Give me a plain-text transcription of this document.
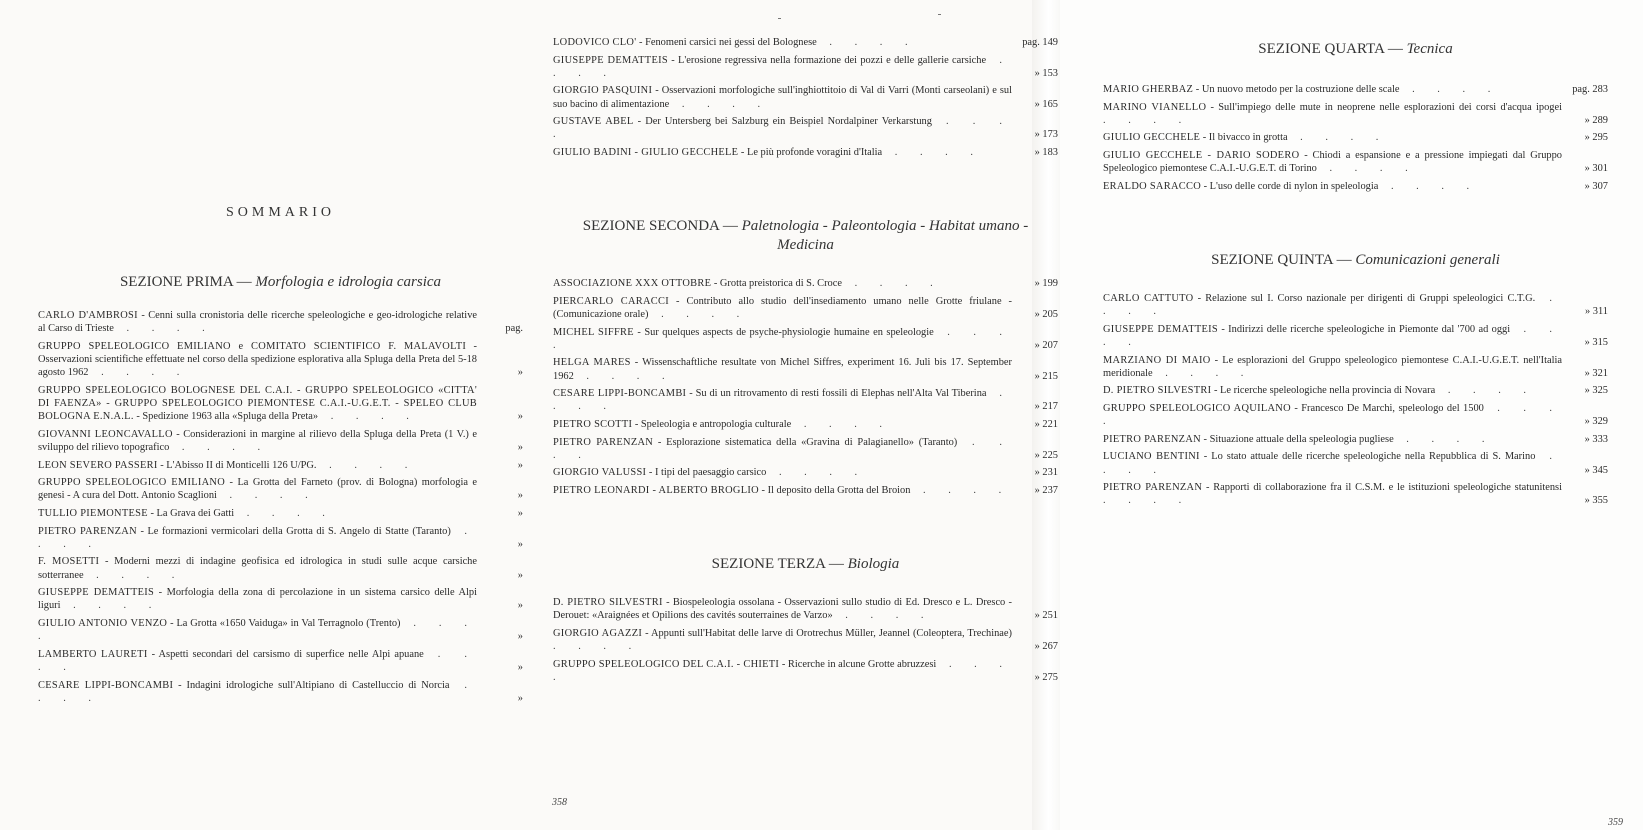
SOMMARIO
SEZIONE PRIMA — Morfologia e idrologia carsica
CARLO D'AMBROSI - Cenni sulla cronistoria delle ricerche speleologiche e geo-idrologiche relative al Carso di Trieste . . . .	pag.
GRUPPO SPELEOLOGICO EMILIANO e COMITATO SCIENTIFICO F. MALAVOLTI - Osservazioni scientifiche effettuate nel corso della spedizione esplorativa alla Spluga della Preta del 5-18 agosto 1962 . . . .	»
GRUPPO SPELEOLOGICO BOLOGNESE DEL C.A.I. - GRUPPO SPELEOLOGICO «CITTA' DI FAENZA» - GRUPPO SPELEOLOGICO PIEMONTESE C.A.I.-U.G.E.T. - SPELEO CLUB BOLOGNA E.N.A.L. - Spedizione 1963 alla «Spluga della Preta» . . . .	»
GIOVANNI LEONCAVALLO - Considerazioni in margine al rilievo della Spluga della Preta (1 V.) e sviluppo del rilievo topografico . . . .	»
LEON SEVERO PASSERI - L'Abisso II di Monticelli 126 U/PG. . . . .	»
GRUPPO SPELEOLOGICO EMILIANO - La Grotta del Farneto (prov. di Bologna) morfologia e genesi - A cura del Dott. Antonio Scaglioni . . . .	»
TULLIO PIEMONTESE - La Grava dei Gatti . . . .	»
PIETRO PARENZAN - Le formazioni vermicolari della Grotta di S. Angelo di Statte (Taranto) . . . .	»
F. MOSETTI - Moderni mezzi di indagine geofisica ed idrologica in studi sulle acque carsiche sotterranee . . . .	»
GIUSEPPE DEMATTEIS - Morfologia della zona di percolazione in un sistema carsico delle Alpi liguri . . . .	»
GIULIO ANTONIO VENZO - La Grotta «1650 Vaiduga» in Val Terragnolo (Trento) . . . .	»
LAMBERTO LAURETI - Aspetti secondari del carsismo di superfice nelle Alpi apuane . . . .	»
CESARE LIPPI-BONCAMBI - Indagini idrologiche sull'Altipiano di Castelluccio di Norcia . . . .	»
LODOVICO CLO' - Fenomeni carsici nei gessi del Bolognese . . . .	pag. 149
GIUSEPPE DEMATTEIS - L'erosione regressiva nella formazione dei pozzi e delle gallerie carsiche . . . .	» 153
GIORGIO PASQUINI - Osservazioni morfologiche sull'inghiottitoio di Val di Varri (Monti carseolani) e sul suo bacino di alimentazione . . . .	» 165
GUSTAVE ABEL - Der Untersberg bei Salzburg ein Beispiel Nordalpiner Verkarstung . . . .	» 173
GIULIO BADINI - GIULIO GECCHELE - Le più profonde voragini d'Italia . . . .	» 183
SEZIONE SECONDA — Paletnologia - Paleontologia - Habitat umano - Medicina
ASSOCIAZIONE XXX OTTOBRE - Grotta preistorica di S. Croce . . . .	» 199
PIERCARLO CARACCI - Contributo allo studio dell'insediamento umano nelle Grotte friulane - (Comunicazione orale) . . . .	» 205
MICHEL SIFFRE - Sur quelques aspects de psyche-physiologie humaine en speleologie . . . .	» 207
HELGA MARES - Wissenschaftliche resultate von Michel Siffres, experiment 16. Juli bis 17. September 1962 . . . .	» 215
CESARE LIPPI-BONCAMBI - Su di un ritrovamento di resti fossili di Elephas nell'Alta Val Tiberina . . . .	» 217
PIETRO SCOTTI - Speleologia e antropologia culturale . . . .	» 221
PIETRO PARENZAN - Esplorazione sistematica della «Gravina di Palagianello» (Taranto) . . . .	» 225
GIORGIO VALUSSI - I tipi del paesaggio carsico . . . .	» 231
PIETRO LEONARDI - ALBERTO BROGLIO - Il deposito della Grotta del Broion . . . .	» 237
SEZIONE TERZA — Biologia
D. PIETRO SILVESTRI - Biospeleologia ossolana - Osservazioni sullo studio di Ed. Dresco e L. Dresco - Derouet: «Araignées et Opilions des cavités souterraines de Varzo» . . . .	» 251
GIORGIO AGAZZI - Appunti sull'Habitat delle larve di Orotrechus Müller, Jeannel (Coleoptera, Trechinae) . . . .	» 267
GRUPPO SPELEOLOGICO DEL C.A.I. - CHIETI - Ricerche in alcune Grotte abruzzesi . . . .	» 275
SEZIONE QUARTA — Tecnica
MARIO GHERBAZ - Un nuovo metodo per la costruzione delle scale . . . .	pag. 283
MARINO VIANELLO - Sull'impiego delle mute in neoprene nelle esplorazioni dei corsi d'acqua ipogei . . . .	» 289
GIULIO GECCHELE - Il bivacco in grotta . . . .	» 295
GIULIO GECCHELE - DARIO SODERO - Chiodi a espansione e a pressione impiegati dal Gruppo Speleologico piemontese C.A.I.-U.G.E.T. di Torino . . . .	» 301
ERALDO SARACCO - L'uso delle corde di nylon in speleologia . . . .	» 307
SEZIONE QUINTA — Comunicazioni generali
CARLO CATTUTO - Relazione sul I. Corso nazionale per dirigenti di Gruppi speleologici C.T.G. . . . .	» 311
GIUSEPPE DEMATTEIS - Indirizzi delle ricerche speleologiche in Piemonte dal '700 ad oggi . . . .	» 315
MARZIANO DI MAIO - Le esplorazioni del Gruppo speleologico piemontese C.A.I.-U.G.E.T. nell'Italia meridionale . . . .	» 321
D. PIETRO SILVESTRI - Le ricerche speleologiche nella provincia di Novara . . . .	» 325
GRUPPO SPELEOLOGICO AQUILANO - Francesco De Marchi, speleologo del 1500 . . . .	» 329
PIETRO PARENZAN - Situazione attuale della speleologia pugliese . . . .	» 333
LUCIANO BENTINI - Lo stato attuale delle ricerche speleologiche nella Repubblica di S. Marino . . . .	» 345
PIETRO PARENZAN - Rapporti di collaborazione fra il C.S.M. e le istituzioni speleologiche statunitensi . . . .	» 355
358
359
